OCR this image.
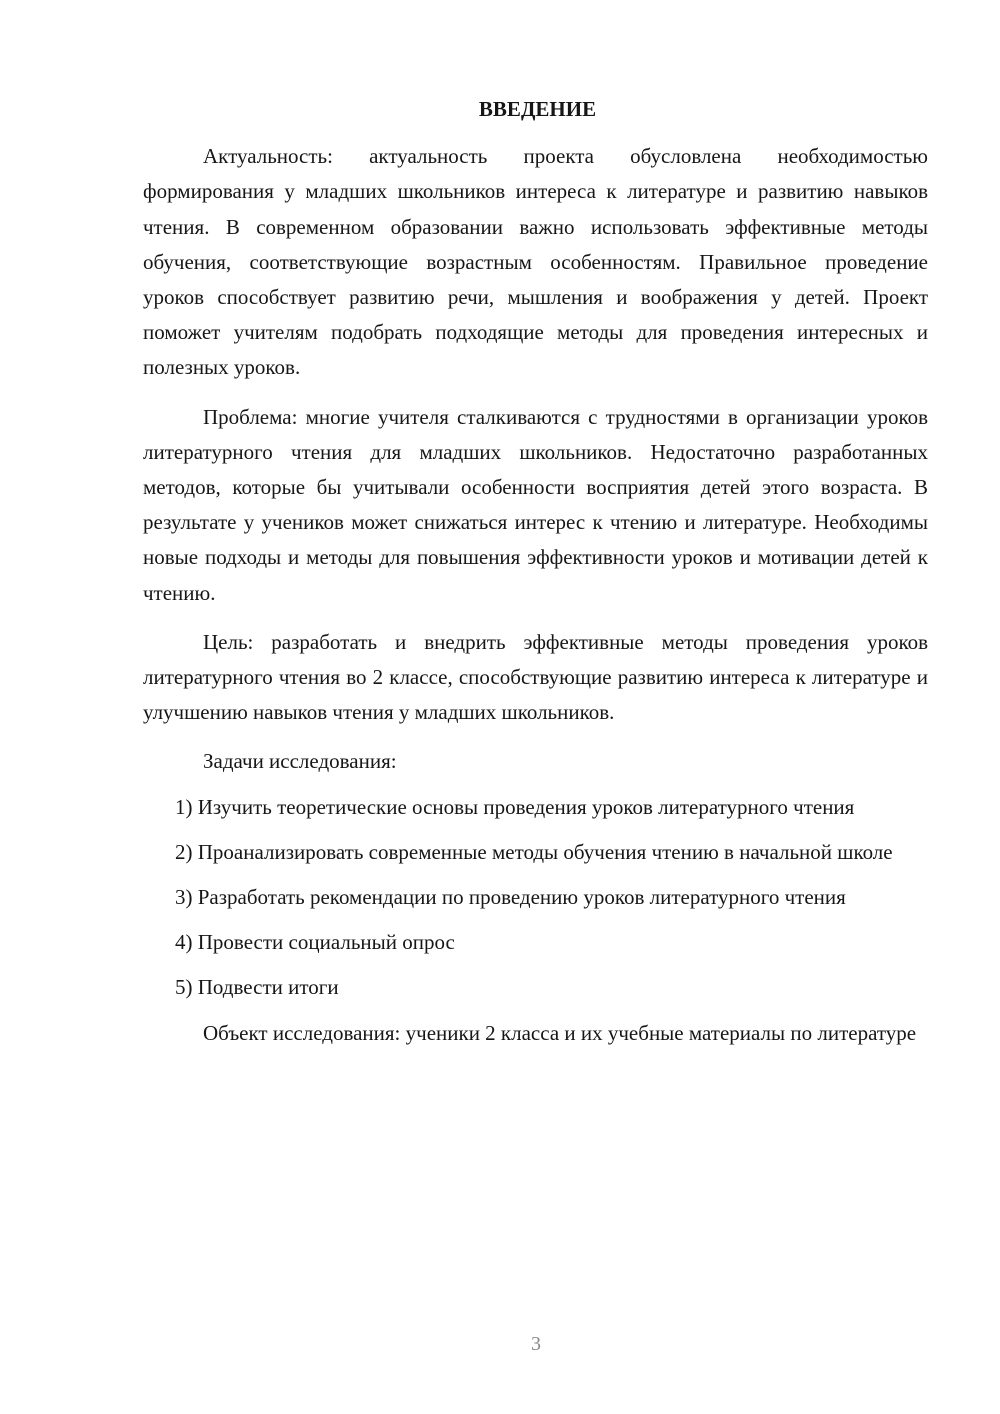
ВВЕДЕНИЕ

Актуальность: актуальность проекта обусловлена необходимостью формирования у младших школьников интереса к литературе и развитию навыков чтения. В современном образовании важно использовать эффективные методы обучения, соответствующие возрастным особенностям. Правильное проведение уроков способствует развитию речи, мышления и воображения у детей. Проект поможет учителям подобрать подходящие методы для проведения интересных и полезных уроков.

Проблема: многие учителя сталкиваются с трудностями в организации уроков литературного чтения для младших школьников. Недостаточно разработанных методов, которые бы учитывали особенности восприятия детей этого возраста. В результате у учеников может снижаться интерес к чтению и литературе. Необходимы новые подходы и методы для повышения эффективности уроков и мотивации детей к чтению.

Цель: разработать и внедрить эффективные методы проведения уроков литературного чтения во 2 классе, способствующие развитию интереса к литературе и улучшению навыков чтения у младших школьников.

Задачи исследования:

1) Изучить теоретические основы проведения уроков литературного чтения

2) Проанализировать современные методы обучения чтению в начальной школе

3) Разработать рекомендации по проведению уроков литературного чтения

4) Провести социальный опрос

5) Подвести итоги

Объект исследования: ученики 2 класса и их учебные материалы по литературе

3
